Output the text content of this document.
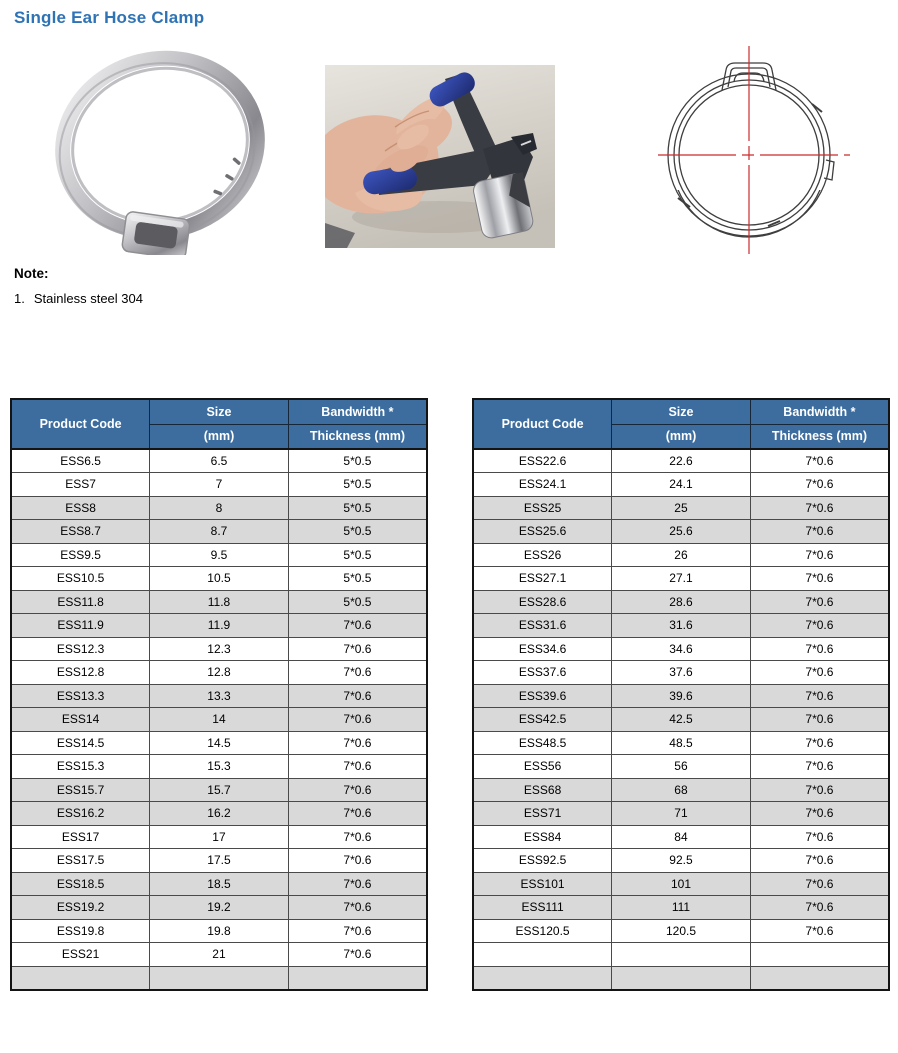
Single Ear Hose Clamp
Note:
1. Stainless steel 304
Product Code	Size	Bandwidth *
	(mm)	Thickness (mm)
ESS6.5	6.5	5*0.5
ESS7	7	5*0.5
ESS8	8	5*0.5
ESS8.7	8.7	5*0.5
ESS9.5	9.5	5*0.5
ESS10.5	10.5	5*0.5
ESS11.8	11.8	5*0.5
ESS11.9	11.9	7*0.6
ESS12.3	12.3	7*0.6
ESS12.8	12.8	7*0.6
ESS13.3	13.3	7*0.6
ESS14	14	7*0.6
ESS14.5	14.5	7*0.6
ESS15.3	15.3	7*0.6
ESS15.7	15.7	7*0.6
ESS16.2	16.2	7*0.6
ESS17	17	7*0.6
ESS17.5	17.5	7*0.6
ESS18.5	18.5	7*0.6
ESS19.2	19.2	7*0.6
ESS19.8	19.8	7*0.6
ESS21	21	7*0.6

Product Code	Size	Bandwidth *
	(mm)	Thickness (mm)
ESS22.6	22.6	7*0.6
ESS24.1	24.1	7*0.6
ESS25	25	7*0.6
ESS25.6	25.6	7*0.6
ESS26	26	7*0.6
ESS27.1	27.1	7*0.6
ESS28.6	28.6	7*0.6
ESS31.6	31.6	7*0.6
ESS34.6	34.6	7*0.6
ESS37.6	37.6	7*0.6
ESS39.6	39.6	7*0.6
ESS42.5	42.5	7*0.6
ESS48.5	48.5	7*0.6
ESS56	56	7*0.6
ESS68	68	7*0.6
ESS71	71	7*0.6
ESS84	84	7*0.6
ESS92.5	92.5	7*0.6
ESS101	101	7*0.6
ESS111	111	7*0.6
ESS120.5	120.5	7*0.6
